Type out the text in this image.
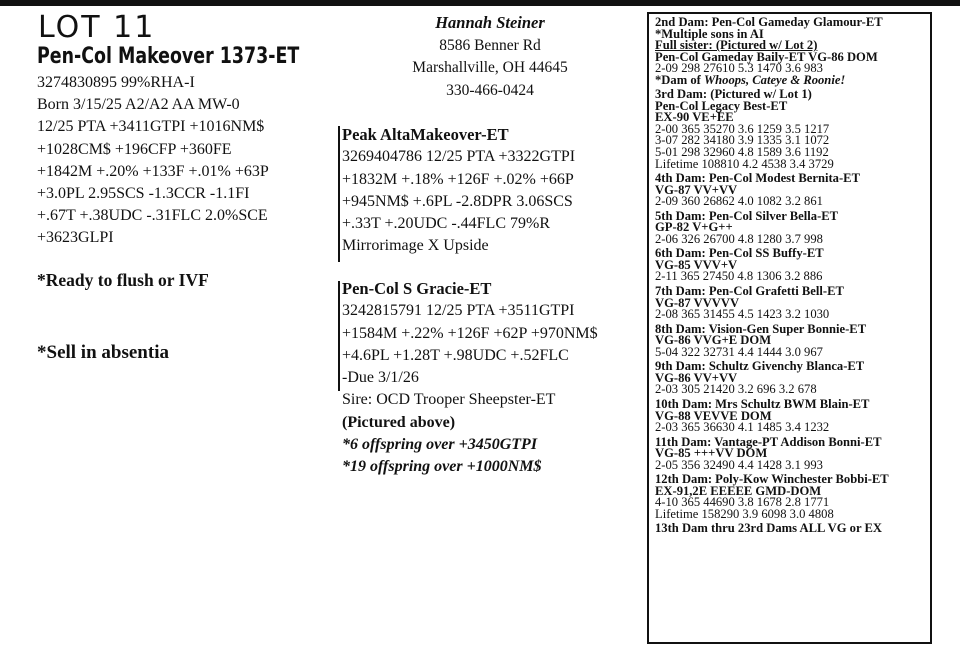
LOT 11
Pen-Col Makeover 1373-ET
3274830895 99%RHA-I
Born 3/15/25 A2/A2 AA MW-0
12/25 PTA +3411GTPI +1016NM$
+1028CM$ +196CFP +360FE
+1842M +.20% +133F +.01% +63P
+3.0PL 2.95SCS -1.3CCR -1.1FI
+.67T +.38UDC -.31FLC 2.0%SCE
+3623GLPI
*Ready to flush or IVF
*Sell in absentia
Hannah Steiner
8586 Benner Rd
Marshallville, OH 44645
330-466-0424
Peak AltaMakeover-ET
3269404786 12/25 PTA +3322GTPI
+1832M +.18% +126F +.02% +66P
+945NM$ +.6PL -2.8DPR 3.06SCS
+.33T +.20UDC -.44FLC 79%R
Mirrorimage X Upside
Pen-Col S Gracie-ET
3242815791 12/25 PTA +3511GTPI
+1584M +.22% +126F +62P +970NM$
+4.6PL +1.28T +.98UDC +.52FLC
-Due 3/1/26
Sire: OCD Trooper Sheepster-ET
(Pictured above)
*6 offspring over +3450GTPI
*19 offspring over +1000NM$
2nd Dam: Pen-Col Gameday Glamour-ET
*Multiple sons in AI
Full sister: (Pictured w/ Lot 2)
Pen-Col Gameday Baily-ET VG-86 DOM
2-09 298 27610 5.3 1470 3.6 983
*Dam of Whoops, Cateye & Roonie!
3rd Dam: (Pictured w/ Lot 1)
Pen-Col Legacy Best-ET
EX-90 VE+EE
2-00 365 35270 3.6 1259 3.5 1217
3-07 282 34180 3.9 1335 3.1 1072
5-01 298 32960 4.8 1589 3.6 1192
Lifetime 108810 4.2 4538 3.4 3729
4th Dam: Pen-Col Modest Bernita-ET
VG-87 VV+VV
2-09 360 26862 4.0 1082 3.2 861
5th Dam: Pen-Col Silver Bella-ET
GP-82 V+G++
2-06 326 26700 4.8 1280 3.7 998
6th Dam: Pen-Col SS Buffy-ET
VG-85 VVV+V
2-11 365 27450 4.8 1306 3.2 886
7th Dam: Pen-Col Grafetti Bell-ET
VG-87 VVVVV
2-08 365 31455 4.5 1423 3.2 1030
8th Dam: Vision-Gen Super Bonnie-ET
VG-86 VVG+E DOM
5-04 322 32731 4.4 1444 3.0 967
9th Dam: Schultz Givenchy Blanca-ET
VG-86 VV+VV
2-03 305 21420 3.2 696 3.2 678
10th Dam: Mrs Schultz BWM Blain-ET
VG-88 VEVVE DOM
2-03 365 36630 4.1 1485 3.4 1232
11th Dam: Vantage-PT Addison Bonni-ET
VG-85 +++VV DOM
2-05 356 32490 4.4 1428 3.1 993
12th Dam: Poly-Kow Winchester Bobbi-ET
EX-91,2E EEEEE GMD-DOM
4-10 365 44690 3.8 1678 2.8 1771
Lifetime 158290 3.9 6098 3.0 4808
13th Dam thru 23rd Dams ALL VG or EX
